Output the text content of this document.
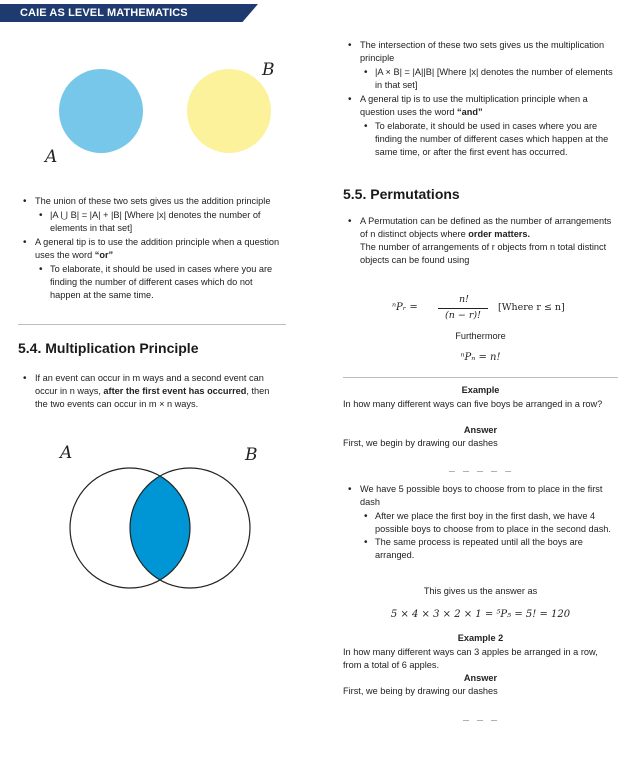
CAIE AS LEVEL MATHEMATICS
A
B
• The union of these two sets gives us the addition principle
• |A ⋃ B| = |A| + |B| [Where |x| denotes the number of elements in that set]
• A general tip is to use the addition principle when a question uses the word “or”
• To elaborate, it should be used in cases where you are finding the number of different cases which do not happen at the same time.
5.4. Multiplication Principle
• If an event can occur in m ways and a second event can occur in n ways, after the first event has occurred, then the two events can occur in m × n ways.
A	B
• The intersection of these two sets gives us the multiplication principle
• |A × B| = |A||B| [Where |x| denotes the number of elements in that set]
• A general tip is to use the multiplication principle when a question uses the word “and”
• To elaborate, it should be used in cases where you are finding the number of different cases which happen at the same time, or after the first event has occurred.
5.5. Permutations
• A Permutation can be defined as the number of arrangements of n distinct objects where order matters.
The number of arrangements of r objects from n total distinct objects can be found using
ⁿPᵣ =
n!
(n − r)!
[Where r ≤ n]
Furthermore
ⁿPₙ = n!
Example
In how many different ways can five boys be arranged in a row?
Answer
First, we begin by drawing our dashes
_ _ _ _ _
• We have 5 possible boys to choose from to place in the first dash
• After we place the first boy in the first dash, we have 4 possible boys to choose from to place in the second dash.
• The same process is repeated until all the boys are arranged.
This gives us the answer as
5 × 4 × 3 × 2 × 1 = ⁵P₅ = 5! = 120
Example 2
In how many different ways can 3 apples be arranged in a row, from a total of 6 apples.
Answer
First, we being by drawing our dashes
_ _ _
